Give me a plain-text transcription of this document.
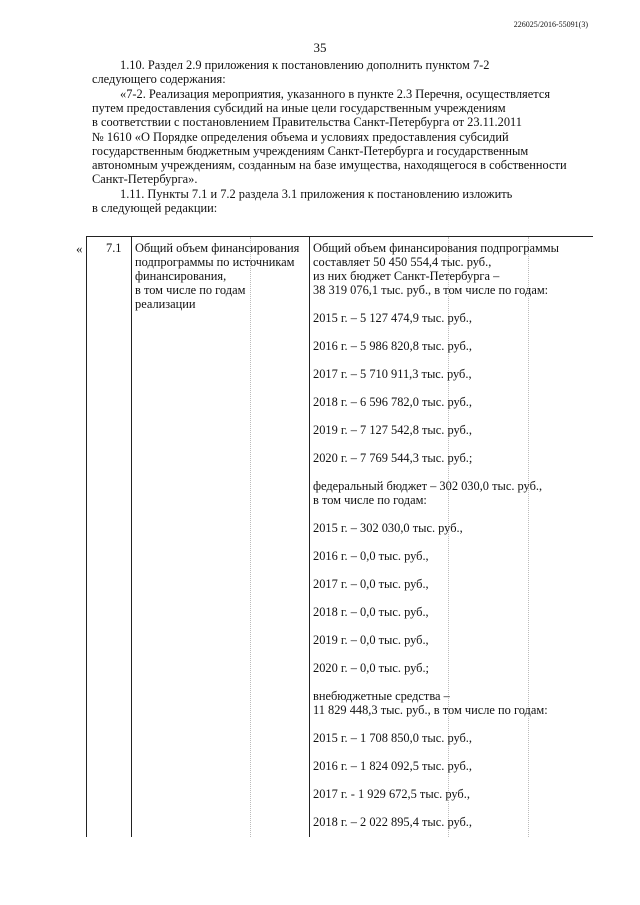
226025/2016-55091(3)
35

1.10. Раздел 2.9 приложения к постановлению дополнить пунктом 7-2

следующего содержания:

«7-2. Реализация мероприятия, указанного в пункте 2.3 Перечня, осуществляется

путем предоставления субсидий на иные цели государственным учреждениям

в соответствии с постановлением Правительства Санкт-Петербурга от 23.11.2011

№ 1610 «О Порядке определения объема и условиях предоставления субсидий

государственным бюджетным учреждениям Санкт-Петербурга и государственным

автономным учреждениям, созданным на базе имущества, находящегося в собственности

Санкт-Петербурга».

1.11. Пункты 7.1 и 7.2 раздела 3.1 приложения к постановлению изложить

в следующей редакции:

« 7.1 Общий объем финансирования
подпрограммы по источникам
финансирования,
в том числе по годам
реализации
Общий объем финансирования подпрограммы
составляет 50 450 554,4 тыс. руб.,
из них бюджет Санкт-Петербурга –
38 319 076,1 тыс. руб., в том числе по годам:
2015 г. – 5 127 474,9 тыс. руб.,
2016 г. – 5 986 820,8 тыс. руб.,
2017 г. – 5 710 911,3 тыс. руб.,
2018 г. – 6 596 782,0 тыс. руб.,
2019 г. – 7 127 542,8 тыс. руб.,
2020 г. – 7 769 544,3 тыс. руб.;
федеральный бюджет – 302 030,0 тыс. руб.,
в том числе по годам:
2015 г. – 302 030,0 тыс. руб.,
2016 г. – 0,0 тыс. руб.,
2017 г. – 0,0 тыс. руб.,
2018 г. – 0,0 тыс. руб.,
2019 г. – 0,0 тыс. руб.,
2020 г. – 0,0 тыс. руб.;
внебюджетные средства –
11 829 448,3 тыс. руб., в том числе по годам:
2015 г. – 1 708 850,0 тыс. руб.,
2016 г. – 1 824 092,5 тыс. руб.,
2017 г. - 1 929 672,5 тыс. руб.,
2018 г. – 2 022 895,4 тыс. руб.,
